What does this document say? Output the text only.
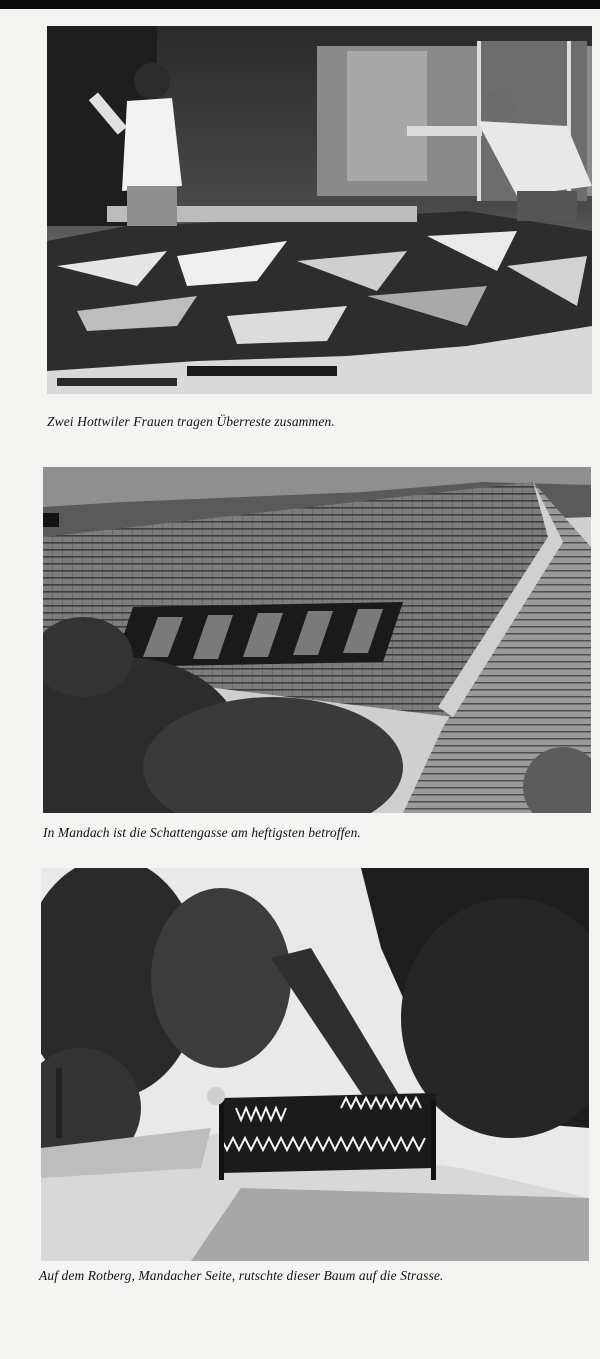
Zwei Hottwiler Frauen tragen Überreste zusammen.

In Mandach ist die Schattengasse am heftigsten betroffen.

Auf dem Rotberg, Mandacher Seite, rutschte dieser Baum auf die Strasse.
